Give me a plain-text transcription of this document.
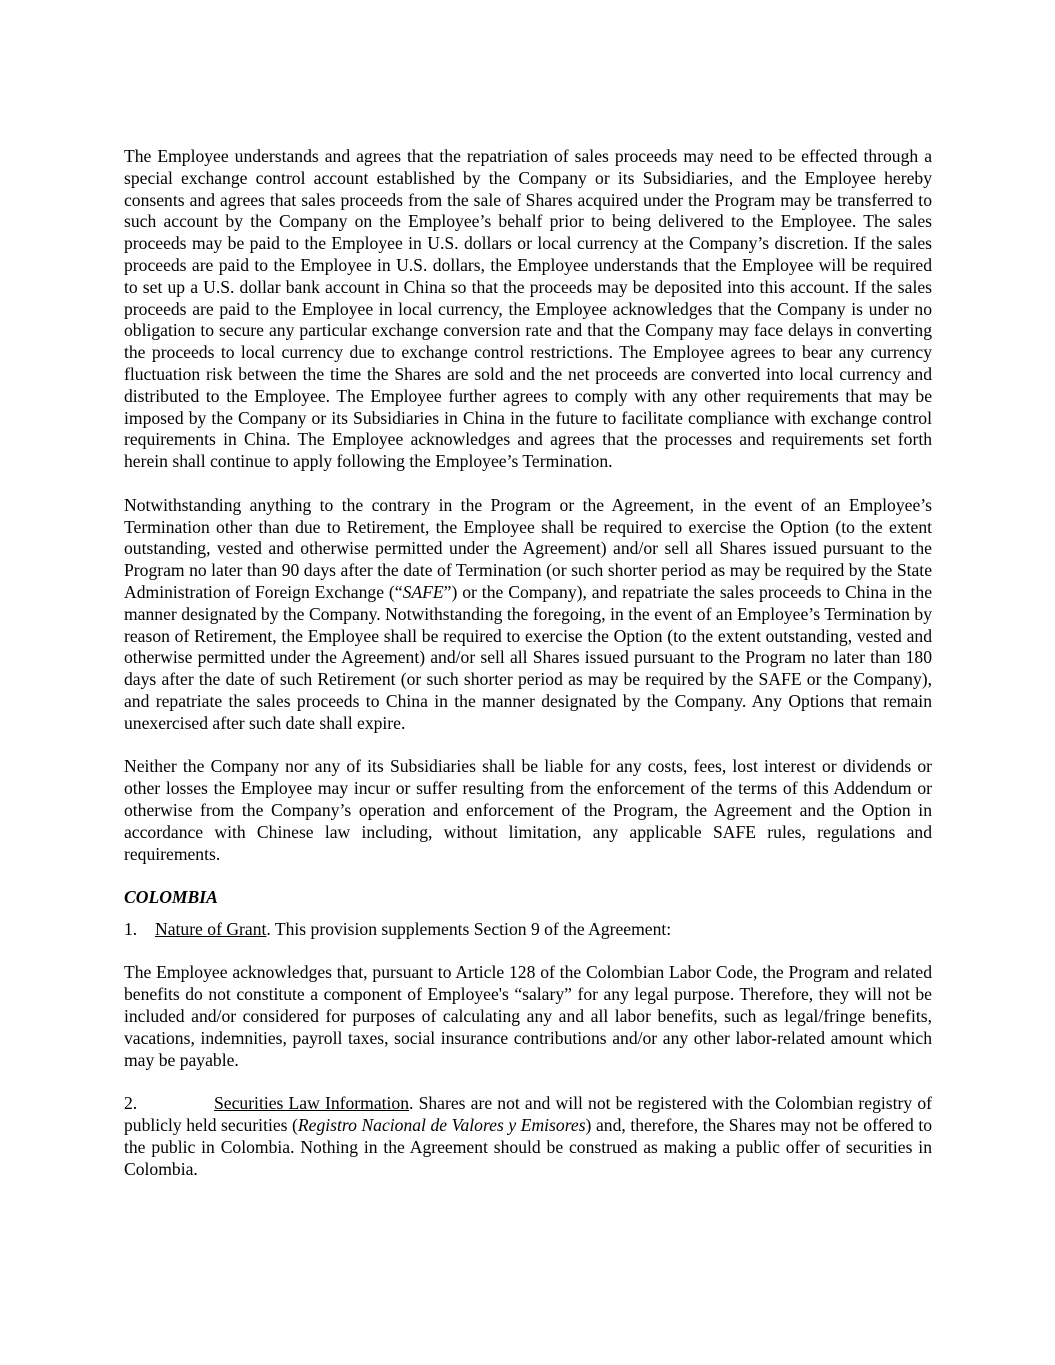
The Employee understands and agrees that the repatriation of sales proceeds may need to be effected through a special exchange control account established by the Company or its Subsidiaries, and the Employee hereby consents and agrees that sales proceeds from the sale of Shares acquired under the Program may be transferred to such account by the Company on the Employee’s behalf prior to being delivered to the Employee. The sales proceeds may be paid to the Employee in U.S. dollars or local currency at the Company’s discretion. If the sales proceeds are paid to the Employee in U.S. dollars, the Employee understands that the Employee will be required to set up a U.S. dollar bank account in China so that the proceeds may be deposited into this account. If the sales proceeds are paid to the Employee in local currency, the Employee acknowledges that the Company is under no obligation to secure any particular exchange conversion rate and that the Company may face delays in converting the proceeds to local currency due to exchange control restrictions. The Employee agrees to bear any currency fluctuation risk between the time the Shares are sold and the net proceeds are converted into local currency and distributed to the Employee. The Employee further agrees to comply with any other requirements that may be imposed by the Company or its Subsidiaries in China in the future to facilitate compliance with exchange control requirements in China. The Employee acknowledges and agrees that the processes and requirements set forth herein shall continue to apply following the Employee’s Termination.

Notwithstanding anything to the contrary in the Program or the Agreement, in the event of an Employee’s Termination other than due to Retirement, the Employee shall be required to exercise the Option (to the extent outstanding, vested and otherwise permitted under the Agreement) and/or sell all Shares issued pursuant to the Program no later than 90 days after the date of Termination (or such shorter period as may be required by the State Administration of Foreign Exchange (“SAFE”) or the Company), and repatriate the sales proceeds to China in the manner designated by the Company. Notwithstanding the foregoing, in the event of an Employee’s Termination by reason of Retirement, the Employee shall be required to exercise the Option (to the extent outstanding, vested and otherwise permitted under the Agreement) and/or sell all Shares issued pursuant to the Program no later than 180 days after the date of such Retirement (or such shorter period as may be required by the SAFE or the Company), and repatriate the sales proceeds to China in the manner designated by the Company. Any Options that remain unexercised after such date shall expire.

Neither the Company nor any of its Subsidiaries shall be liable for any costs, fees, lost interest or dividends or other losses the Employee may incur or suffer resulting from the enforcement of the terms of this Addendum or otherwise from the Company’s operation and enforcement of the Program, the Agreement and the Option in accordance with Chinese law including, without limitation, any applicable SAFE rules, regulations and requirements.

COLOMBIA

1. Nature of Grant. This provision supplements Section 9 of the Agreement:

The Employee acknowledges that, pursuant to Article 128 of the Colombian Labor Code, the Program and related benefits do not constitute a component of Employee's “salary” for any legal purpose. Therefore, they will not be included and/or considered for purposes of calculating any and all labor benefits, such as legal/fringe benefits, vacations, indemnities, payroll taxes, social insurance contributions and/or any other labor-related amount which may be payable.

2.	Securities Law Information. Shares are not and will not be registered with the Colombian registry of publicly held securities (Registro Nacional de Valores y Emisores) and, therefore, the Shares may not be offered to the public in Colombia. Nothing in the Agreement should be construed as making a public offer of securities in Colombia.
